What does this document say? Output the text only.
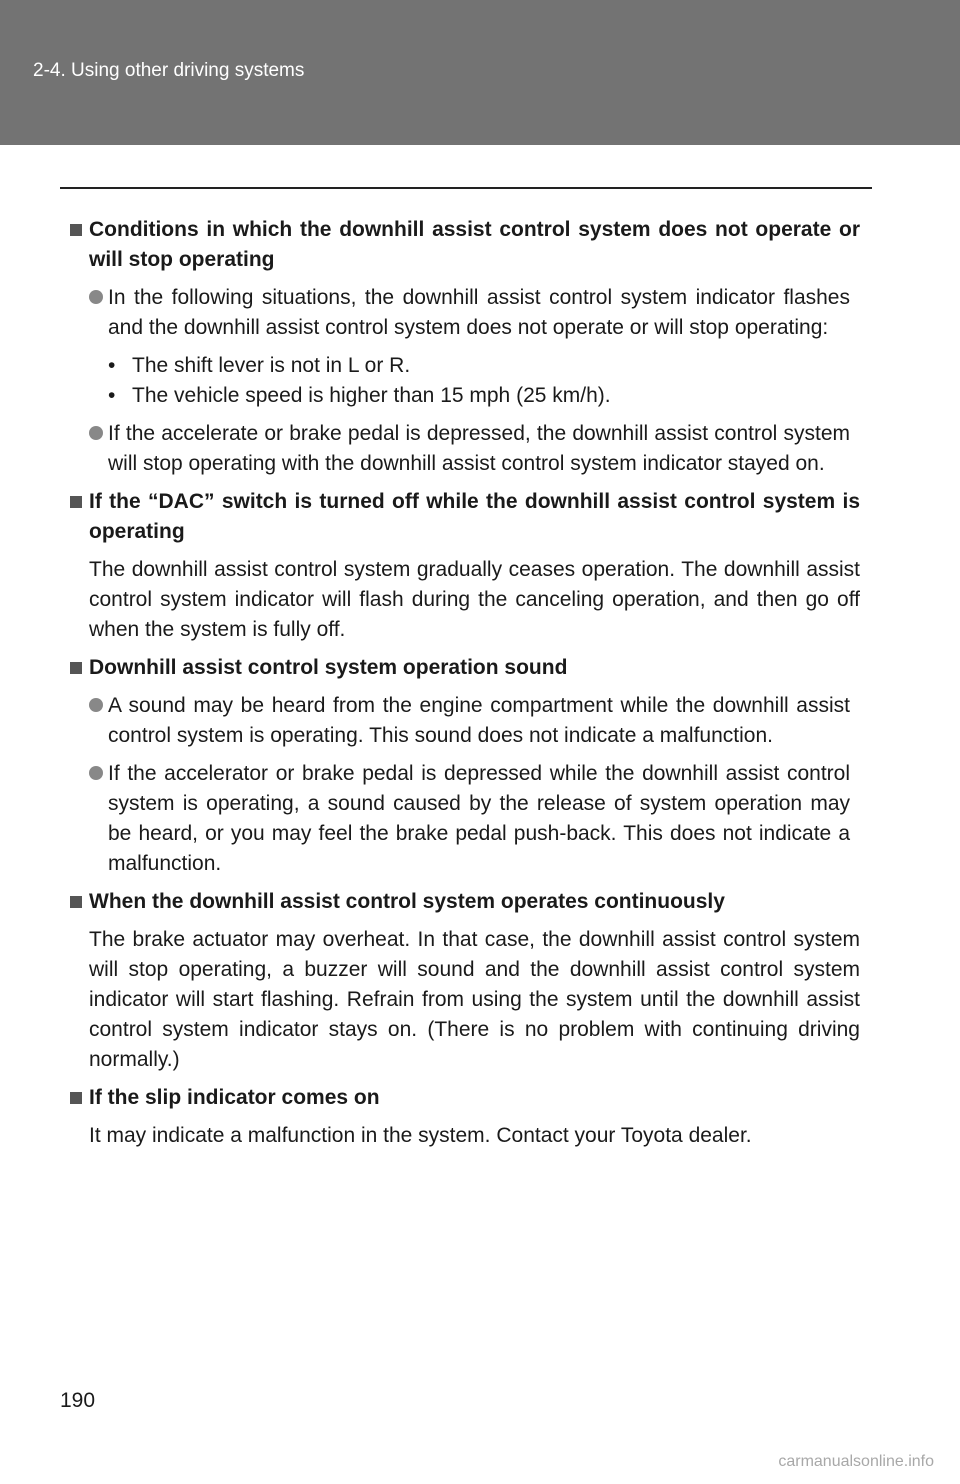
2-4. Using other driving systems
Conditions in which the downhill assist control system does not operate or will stop operating
In the following situations, the downhill assist control system indicator flashes and the downhill assist control system does not operate or will stop operating:
• The shift lever is not in L or R.
• The vehicle speed is higher than 15 mph (25 km/h).
If the accelerate or brake pedal is depressed, the downhill assist control system will stop operating with the downhill assist control system indicator stayed on.
If the “DAC” switch is turned off while the downhill assist control system is operating
The downhill assist control system gradually ceases operation. The downhill assist control system indicator will flash during the canceling operation, and then go off when the system is fully off.
Downhill assist control system operation sound
A sound may be heard from the engine compartment while the downhill assist control system is operating. This sound does not indicate a malfunction.
If the accelerator or brake pedal is depressed while the downhill assist control system is operating, a sound caused by the release of system operation may be heard, or you may feel the brake pedal push-back. This does not indicate a malfunction.
When the downhill assist control system operates continuously
The brake actuator may overheat. In that case, the downhill assist control system will stop operating, a buzzer will sound and the downhill assist control system indicator will start flashing. Refrain from using the system until the downhill assist control system indicator stays on. (There is no problem with continuing driving normally.)
If the slip indicator comes on
It may indicate a malfunction in the system. Contact your Toyota dealer.
190
carmanualsonline.info
